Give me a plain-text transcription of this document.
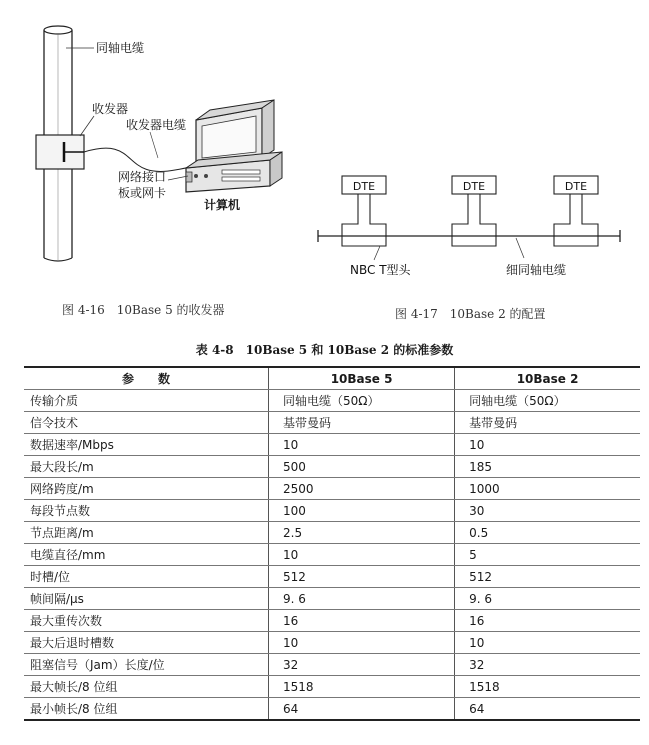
同轴电缆
收发器
收发器电缆
网络接口
板或网卡
计算机
图 4-16　10Base 5 的收发器
DTE	DTE	DTE
NBC T型头	细同轴电缆
图 4-17　10Base 2 的配置
表 4-8　10Base 5 和 10Base 2 的标准参数
参　　数	10Base 5	10Base 2
传输介质	同轴电缆（50Ω）	同轴电缆（50Ω）
信令技术	基带曼码	基带曼码
数据速率/Mbps	10	10
最大段长/m	500	185
网络跨度/m	2500	1000
每段节点数	100	30
节点距离/m	2.5	0.5
电缆直径/mm	10	5
时槽/位	512	512
帧间隔/μs	9. 6	9. 6
最大重传次数	16	16
最大后退时槽数	10	10
阻塞信号（Jam）长度/位	32	32
最大帧长/8 位组	1518	1518
最小帧长/8 位组	64	64
